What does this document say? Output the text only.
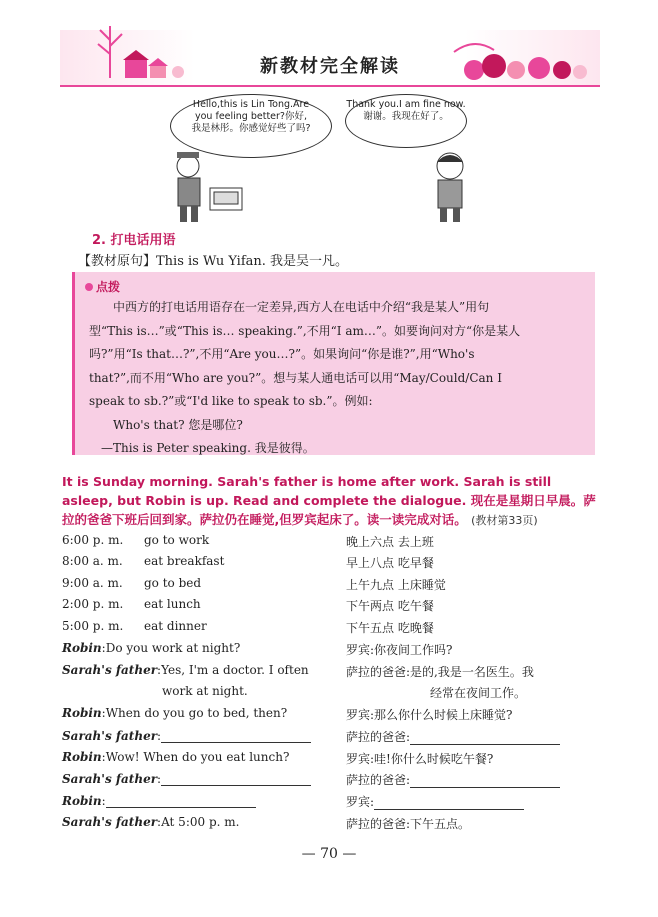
新教材完全解读

Hello,this is Lin Tong.Are

you feeling better?你好,

我是林彤。你感觉好些了吗?

Thank you.I am fine now.

谢谢。我现在好了。

2. 打电话用语
【教材原句】This is Wu Yifan. 我是吴一凡。
点拨

中西方的打电话用语存在一定差异,西方人在电话中介绍“我是某人”用句

型“This is…”或“This is… speaking.”,不用“I am…”。如要询问对方“你是某人

吗?”用“Is that…?”,不用“Are you…?”。如果询问“你是谁?”,用“Who's

that?”,而不用“Who are you?”。想与某人通电话可以用“May/Could/Can I

speak to sb.?”或“I'd like to speak to sb.”。例如:

Who's that? 您是哪位?

—This is Peter speaking. 我是彼得。

It is Sunday morning. Sarah's father is home after work. Sarah is still asleep, but Robin is up. Read and complete the dialogue. 现在是星期日早晨。萨拉的爸爸下班后回到家。萨拉仍在睡觉,但罗宾起床了。读一读完成对话。 (教材第33页)
6:00 p. m. go to work	晚上六点 去上班
8:00 a. m. eat breakfast	早上八点 吃早餐
9:00 a. m. go to bed	上午九点 上床睡觉
2:00 p. m. eat lunch	下午两点 吃午餐
5:00 p. m. eat dinner	下午五点 吃晚餐
Robin:Do you work at night?	罗宾:你夜间工作吗?
Sarah's father:Yes, I'm a doctor. I often	萨拉的爸爸:是的,我是一名医生。我
work at night.	经常在夜间工作。
Robin:When do you go to bed, then?	罗宾:那么你什么时候上床睡觉?
Sarah's father:	萨拉的爸爸:
Robin:Wow! When do you eat lunch?	罗宾:哇!你什么时候吃午餐?
Sarah's father:	萨拉的爸爸:
Robin:	罗宾:
Sarah's father:At 5:00 p. m.	萨拉的爸爸:下午五点。
— 70 —
